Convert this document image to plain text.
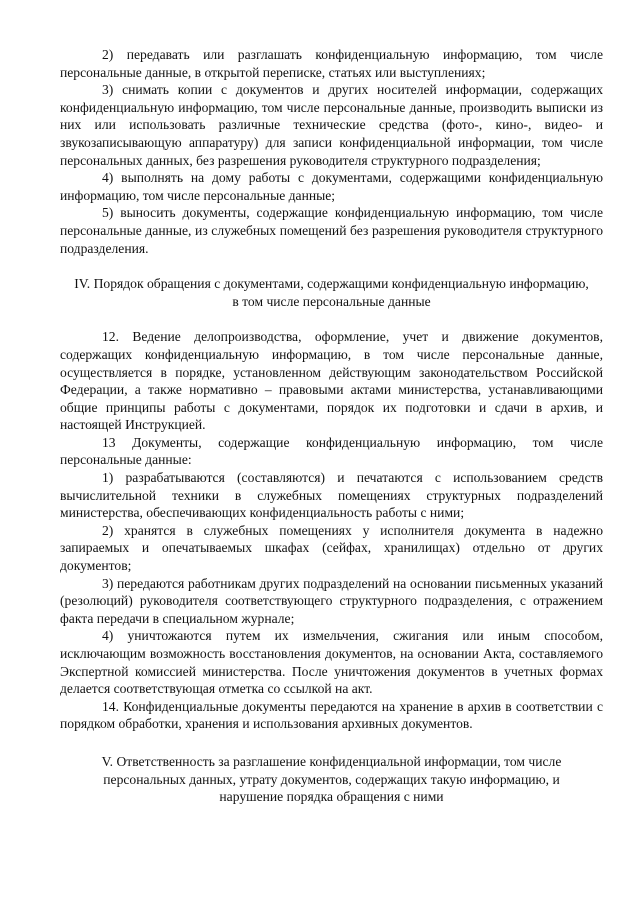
2) передавать или разглашать конфиденциальную информацию, том числе персональные данные, в открытой переписке, статьях или выступлениях;

3) снимать копии с документов и других носителей информации, содержащих конфиденциальную информацию, том числе персональные данные, производить выписки из них или использовать различные технические средства (фото-, кино-, видео- и звукозаписывающую аппаратуру) для записи конфиденциальной информации, том числе персональных данных, без разрешения руководителя структурного подразделения;

4) выполнять на дому работы с документами, содержащими конфиденциальную информацию, том числе персональные данные;

5) выносить документы, содержащие конфиденциальную информацию, том числе персональные данные, из служебных помещений без разрешения руководителя структурного подразделения.

IV. Порядок обращения с документами, содержащими конфиденциальную информацию, в том числе персональные данные

12. Ведение делопроизводства, оформление, учет и движение документов, содержащих конфиденциальную информацию, в том числе персональные данные, осуществляется в порядке, установленном действующим законодательством Российской Федерации, а также нормативно – правовыми актами министерства, устанавливающими общие принципы работы с документами, порядок их подготовки и сдачи в архив, и настоящей Инструкцией.

13 Документы, содержащие конфиденциальную информацию, том числе персональные данные:

1) разрабатываются (составляются) и печатаются с использованием средств вычислительной техники в служебных помещениях структурных подразделений министерства, обеспечивающих конфиденциальность работы с ними;

2) хранятся в служебных помещениях у исполнителя документа в надежно запираемых и опечатываемых шкафах (сейфах, хранилищах) отдельно от других документов;

3) передаются работникам других подразделений на основании письменных указаний (резолюций) руководителя соответствующего структурного подразделения, с отражением факта передачи в специальном журнале;

4) уничтожаются путем их измельчения, сжигания или иным способом, исключающим возможность восстановления документов, на основании Акта, составляемого Экспертной комиссией министерства. После уничтожения документов в учетных формах делается соответствующая отметка со ссылкой на акт.

14. Конфиденциальные документы передаются на хранение в архив в соответствии с порядком обработки, хранения и использования архивных документов.

V. Ответственность за разглашение конфиденциальной информации, том числе персональных данных, утрату документов, содержащих такую информацию, и нарушение порядка обращения с ними
